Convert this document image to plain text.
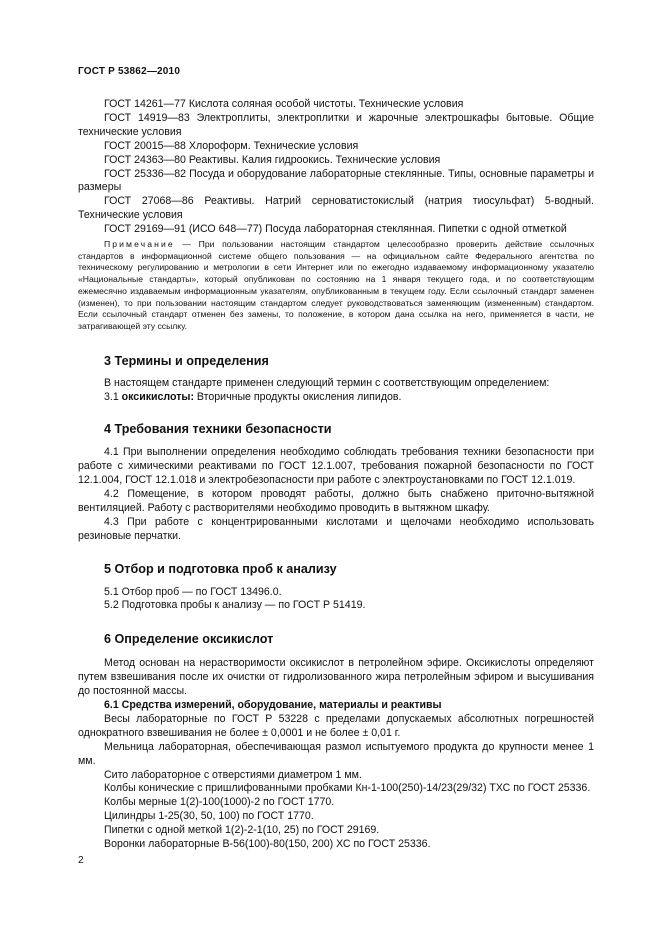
ГОСТ Р 53862—2010

ГОСТ 14261—77 Кислота соляная особой чистоты. Технические условия

ГОСТ 14919—83 Электроплиты, электроплитки и жарочные электрошкафы бытовые. Общие технические условия

ГОСТ 20015—88 Хлороформ. Технические условия

ГОСТ 24363—80 Реактивы. Калия гидроокись. Технические условия

ГОСТ 25336—82 Посуда и оборудование лабораторные стеклянные. Типы, основные параметры и размеры

ГОСТ 27068—86 Реактивы. Натрий серноватистокислый (натрия тиосульфат) 5-водный. Технические условия

ГОСТ 29169—91 (ИСО 648—77) Посуда лабораторная стеклянная. Пипетки с одной отметкой

Примечание — При пользовании настоящим стандартом целесообразно проверить действие ссылочных стандартов в информационной системе общего пользования — на официальном сайте Федерального агентства по техническому регулированию и метрологии в сети Интернет или по ежегодно издаваемому информационному указателю «Национальные стандарты», который опубликован по состоянию на 1 января текущего года, и по соответствующим ежемесячно издаваемым информационным указателям, опубликованным в текущем году. Если ссылочный стандарт заменен (изменен), то при пользовании настоящим стандартом следует руководствоваться заменяющим (измененным) стандартом. Если ссылочный стандарт отменен без замены, то положение, в котором дана ссылка на него, применяется в части, не затрагивающей эту ссылку.

3 Термины и определения

В настоящем стандарте применен следующий термин с соответствующим определением:

3.1 оксикислоты: Вторичные продукты окисления липидов.

4 Требования техники безопасности

4.1 При выполнении определения необходимо соблюдать требования техники безопасности при работе с химическими реактивами по ГОСТ 12.1.007, требования пожарной безопасности по ГОСТ 12.1.004, ГОСТ 12.1.018 и электробезопасности при работе с электроустановками по ГОСТ 12.1.019.

4.2 Помещение, в котором проводят работы, должно быть снабжено приточно-вытяжной вентиляцией. Работу с растворителями необходимо проводить в вытяжном шкафу.

4.3 При работе с концентрированными кислотами и щелочами необходимо использовать резиновые перчатки.

5 Отбор и подготовка проб к анализу

5.1 Отбор проб — по ГОСТ 13496.0.

5.2 Подготовка пробы к анализу — по ГОСТ Р 51419.

6 Определение оксикислот

Метод основан на нерастворимости оксикислот в петролейном эфире. Оксикислоты определяют путем взвешивания после их очистки от гидролизованного жира петролейным эфиром и высушивания до постоянной массы.

6.1 Средства измерений, оборудование, материалы и реактивы

Весы лабораторные по ГОСТ Р 53228 с пределами допускаемых абсолютных погрешностей однократного взвешивания не более ± 0,0001 и не более ± 0,01 г.

Мельница лабораторная, обеспечивающая размол испытуемого продукта до крупности менее 1 мм.

Сито лабораторное с отверстиями диаметром 1 мм.

Колбы конические с пришлифованными пробками Кн-1-100(250)-14/23(29/32) ТХС по ГОСТ 25336.

Колбы мерные 1(2)-100(1000)-2 по ГОСТ 1770.

Цилиндры 1-25(30, 50, 100) по ГОСТ 1770.

Пипетки с одной меткой 1(2)-2-1(10, 25) по ГОСТ 29169.

Воронки лабораторные В-56(100)-80(150, 200) ХС по ГОСТ 25336.

2
